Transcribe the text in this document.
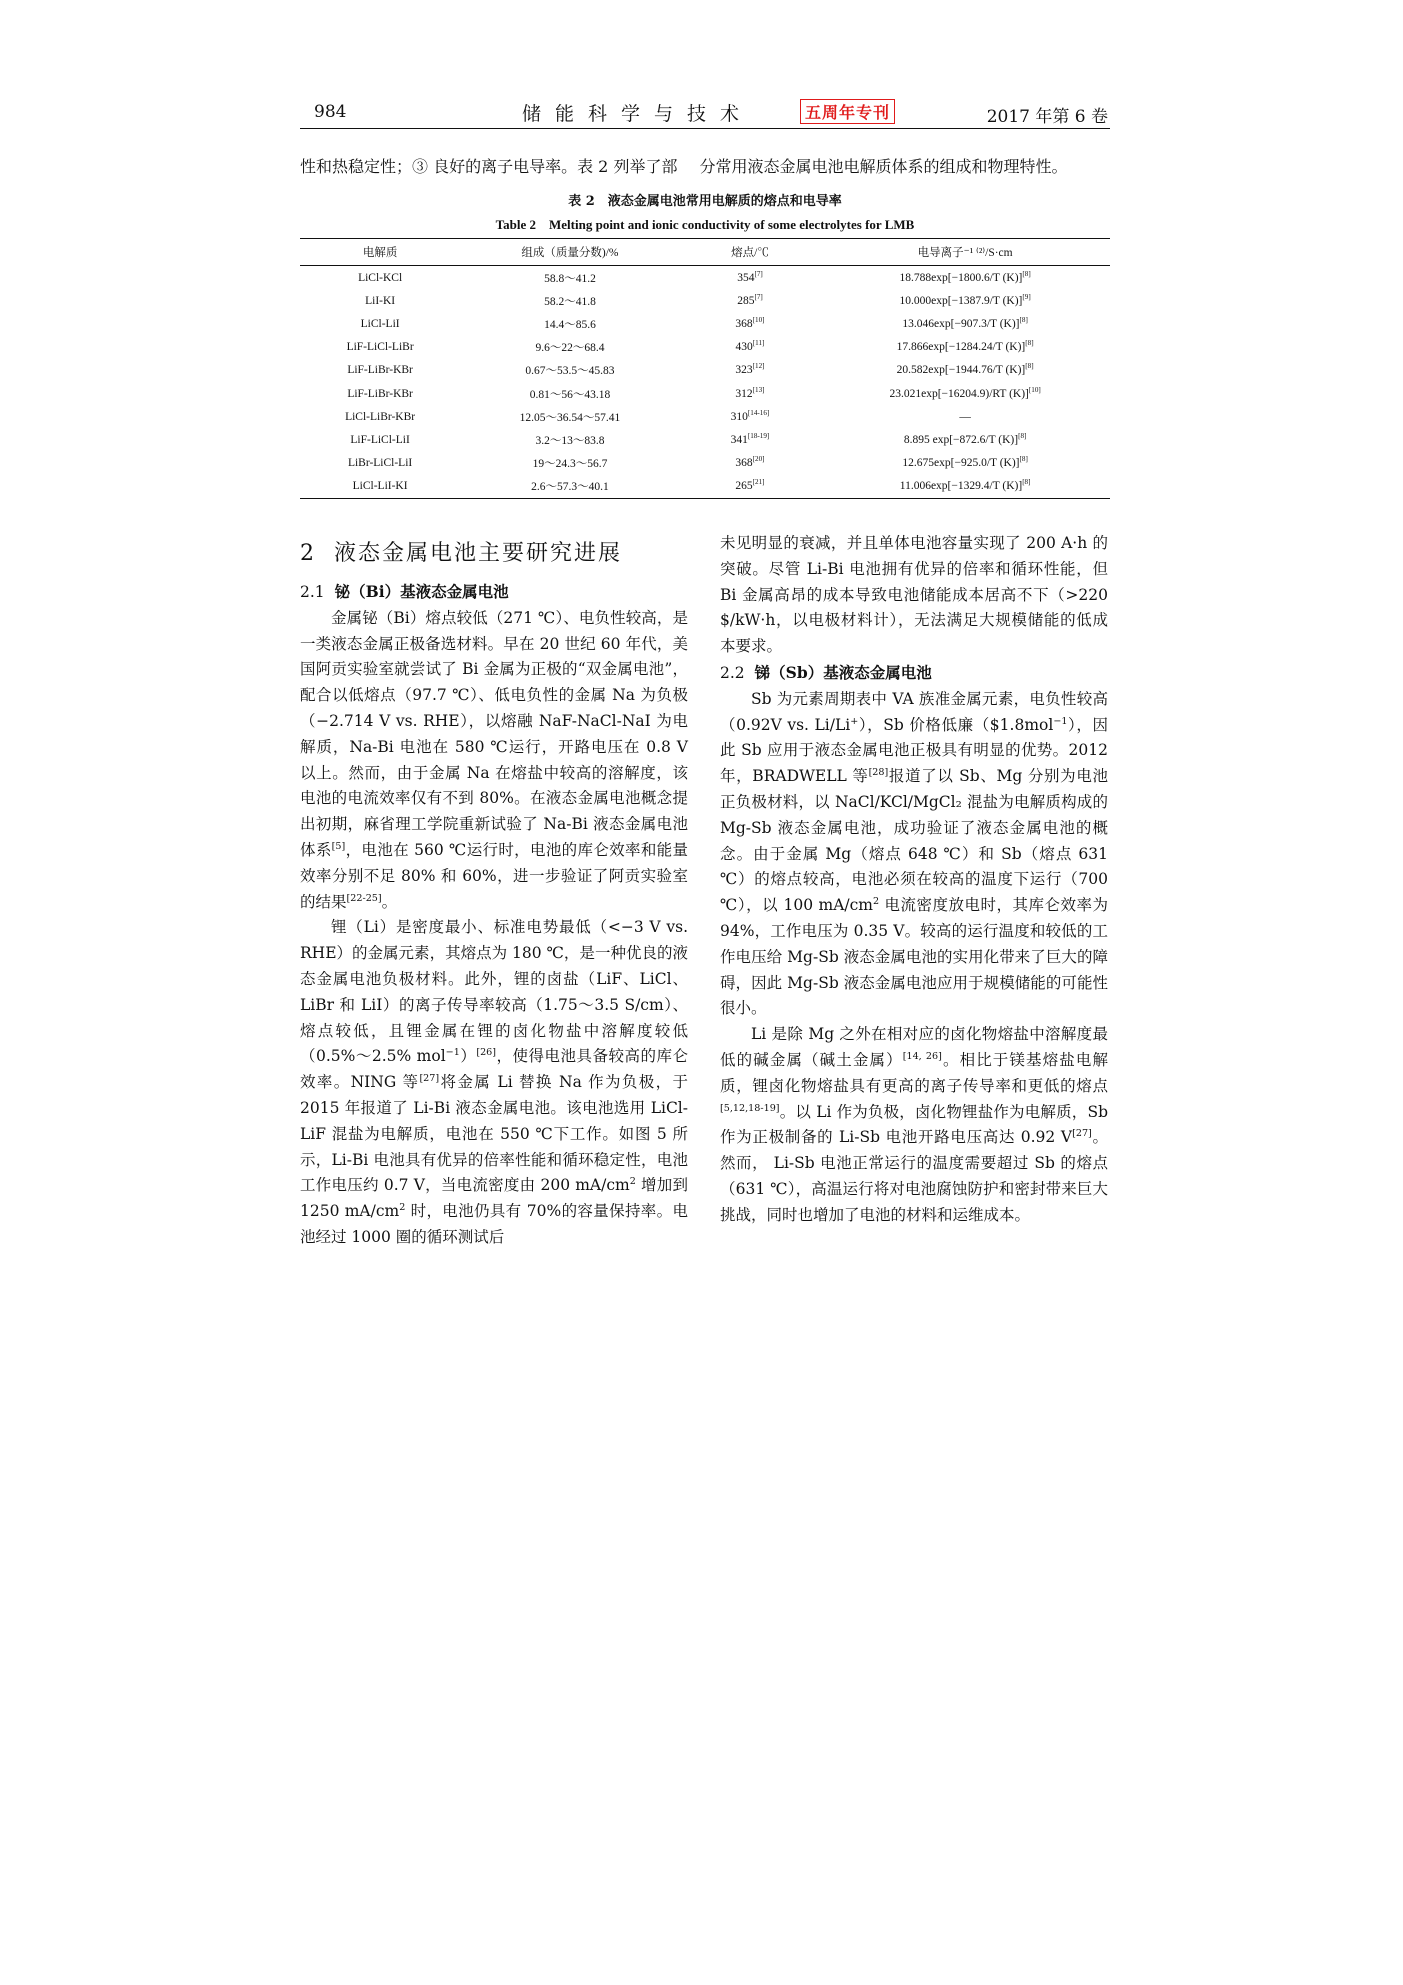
984	储能科学与技术	五周年专刊	2017 年第 6 卷
性和热稳定性；③ 良好的离子电导率。表 2 列举了部 分常用液态金属电池电解质体系的组成和物理特性。
表 2　液态金属电池常用电解质的熔点和电导率
Table 2　Melting point and ionic conductivity of some electrolytes for LMB
电解质	组成（质量分数)/%	熔点/℃	电导离子⁻¹ ⁽²⁾/S·cm
LiCl-KCl	58.8～41.2	354[7]	18.788exp[−1800.6/T (K)][8]
LiI-KI	58.2～41.8	285[7]	10.000exp[−1387.9/T (K)][9]
LiCl-LiI	14.4～85.6	368[10]	13.046exp[−907.3/T (K)][8]
LiF-LiCl-LiBr	9.6～22～68.4	430[11]	17.866exp[−1284.24/T (K)][8]
LiF-LiBr-KBr	0.67～53.5～45.83	323[12]	20.582exp[−1944.76/T (K)][8]
LiF-LiBr-KBr	0.81～56～43.18	312[13]	23.021exp[−16204.9)/RT (K)][10]
LiCl-LiBr-KBr	12.05～36.54～57.41	310[14-16]	—
LiF-LiCl-LiI	3.2～13～83.8	341[18-19]	8.895 exp[−872.6/T (K)][8]
LiBr-LiCl-LiI	19～24.3～56.7	368[20]	12.675exp[−925.0/T (K)][8]
LiCl-LiI-KI	2.6～57.3～40.1	265[21]	11.006exp[−1329.4/T (K)][8]
2 液态金属电池主要研究进展
2.1 铋（Bi）基液态金属电池

金属铋（Bi）熔点较低（271 ℃）、电负性较高，是一类液态金属正极备选材料。早在 20 世纪 60 年代，美国阿贡实验室就尝试了 Bi 金属为正极的“双金属电池”，配合以低熔点（97.7 ℃）、低电负性的金属 Na 为负极（−2.714 V vs. RHE），以熔融 NaF-NaCl-NaI 为电解质，Na-Bi 电池在 580 ℃运行，开路电压在 0.8 V 以上。然而，由于金属 Na 在熔盐中较高的溶解度，该电池的电流效率仅有不到 80%。在液态金属电池概念提出初期，麻省理工学院重新试验了 Na-Bi 液态金属电池体系[5]，电池在 560 ℃运行时，电池的库仑效率和能量效率分别不足 80% 和 60%，进一步验证了阿贡实验室的结果[22-25]。

锂（Li）是密度最小、标准电势最低（<−3 V vs. RHE）的金属元素，其熔点为 180 ℃，是一种优良的液态金属电池负极材料。此外，锂的卤盐（LiF、LiCl、LiBr 和 LiI）的离子传导率较高（1.75～3.5 S/cm）、熔点较低，且锂金属在锂的卤化物盐中溶解度较低（0.5%～2.5% mol$^{-1}$）[26]，使得电池具备较高的库仑效率。NING 等[27]将金属 Li 替换 Na 作为负极，于 2015 年报道了 Li-Bi 液态金属电池。该电池选用 LiCl-LiF 混盐为电解质，电池在 550 ℃下工作。如图 5 所示，Li-Bi 电池具有优异的倍率性能和循环稳定性，电池工作电压约 0.7 V，当电流密度由 200 $mA/cm^2$ 增加到 1250 $mA/cm^2$ 时，电池仍具有 70%的容量保持率。电池经过 1000 圈的循环测试后

未见明显的衰减，并且单体电池容量实现了 200 A·h 的突破。尽管 Li-Bi 电池拥有优异的倍率和循环性能，但 Bi 金属高昂的成本导致电池储能成本居高不下（>220 $/kW·h，以电极材料计），无法满足大规模储能的低成本要求。

2.2 锑（Sb）基液态金属电池

Sb 为元素周期表中 VA 族准金属元素，电负性较高（0.92V vs. Li/Li+），Sb 价格低廉（$1.8mol$^{-1}$），因此 Sb 应用于液态金属电池正极具有明显的优势。2012 年，BRADWELL 等[28]报道了以 Sb、Mg 分别为电池正负极材料，以 NaCl/KCl/MgCl₂ 混盐为电解质构成的 Mg-Sb 液态金属电池，成功验证了液态金属电池的概念。由于金属 Mg（熔点 648 ℃）和 Sb（熔点 631 ℃）的熔点较高，电池必须在较高的温度下运行（700 ℃），以 100 $mA/cm^2$ 电流密度放电时，其库仑效率为 94%，工作电压为 0.35 V。较高的运行温度和较低的工作电压给 Mg-Sb 液态金属电池的实用化带来了巨大的障碍，因此 Mg-Sb 液态金属电池应用于规模储能的可能性很小。

Li 是除 Mg 之外在相对应的卤化物熔盐中溶解度最低的碱金属（碱土金属）[14, 26]。相比于镁基熔盐电解质，锂卤化物熔盐具有更高的离子传导率和更低的熔点[5,12,18-19]。以 Li 作为负极，卤化物锂盐作为电解质，Sb 作为正极制备的 Li-Sb 电池开路电压高达 0.92 V[27]。然而， Li-Sb 电池正常运行的温度需要超过 Sb 的熔点（631 ℃），高温运行将对电池腐蚀防护和密封带来巨大挑战，同时也增加了电池的材料和运维成本。
